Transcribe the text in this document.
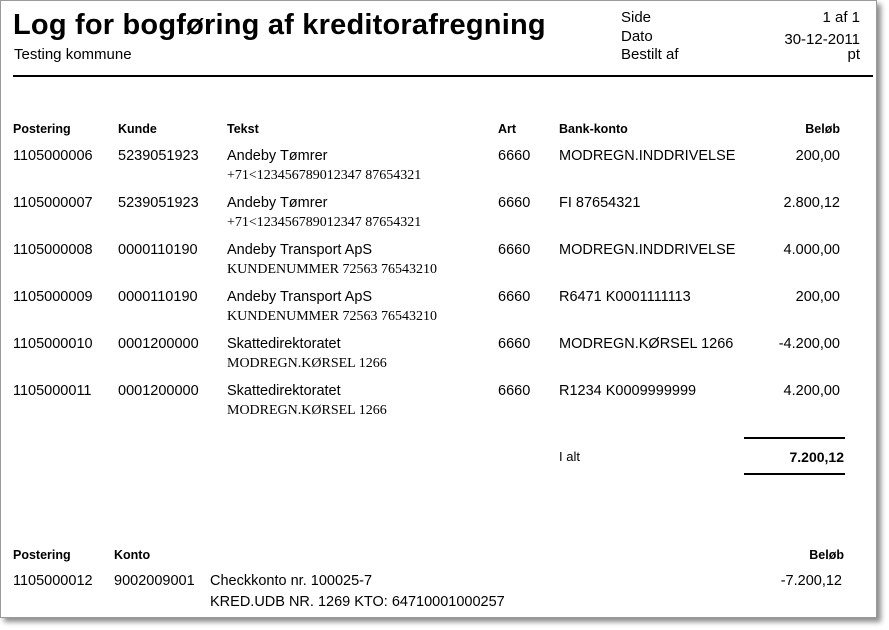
Log for bogføring af kreditorafregning
Testing kommune
Side	1 af 1
Dato	30-12-2011
Bestilt af	pt
Postering	Kunde	Tekst	Art	Bank-konto	Beløb
1105000006 5239051923 Andeby Tømrer
+71<123456789012347 87654321
6660 MODREGN.INDDRIVELSE	200,00
1105000007 5239051923 Andeby Tømrer
+71<123456789012347 87654321
6660 FI 87654321	2.800,12
1105000008 0000110190 Andeby Transport ApS
KUNDENUMMER 72563 76543210
6660 MODREGN.INDDRIVELSE	4.000,00
1105000009 0000110190 Andeby Transport ApS
KUNDENUMMER 72563 76543210
6660 R6471 K0001111113	200,00
1105000010 0001200000 Skattedirektoratet
MODREGN.KØRSEL 1266
6660 MODREGN.KØRSEL 1266	-4.200,00
1105000011 0001200000 Skattedirektoratet
MODREGN.KØRSEL 1266
6660 R1234 K0009999999	4.200,00
I alt	7.200,12
Postering	Konto	Beløb
1105000012 9002009001 Checkkonto nr. 100025-7
KRED.UDB NR. 1269 KTO: 64710001000257
-7.200,12
